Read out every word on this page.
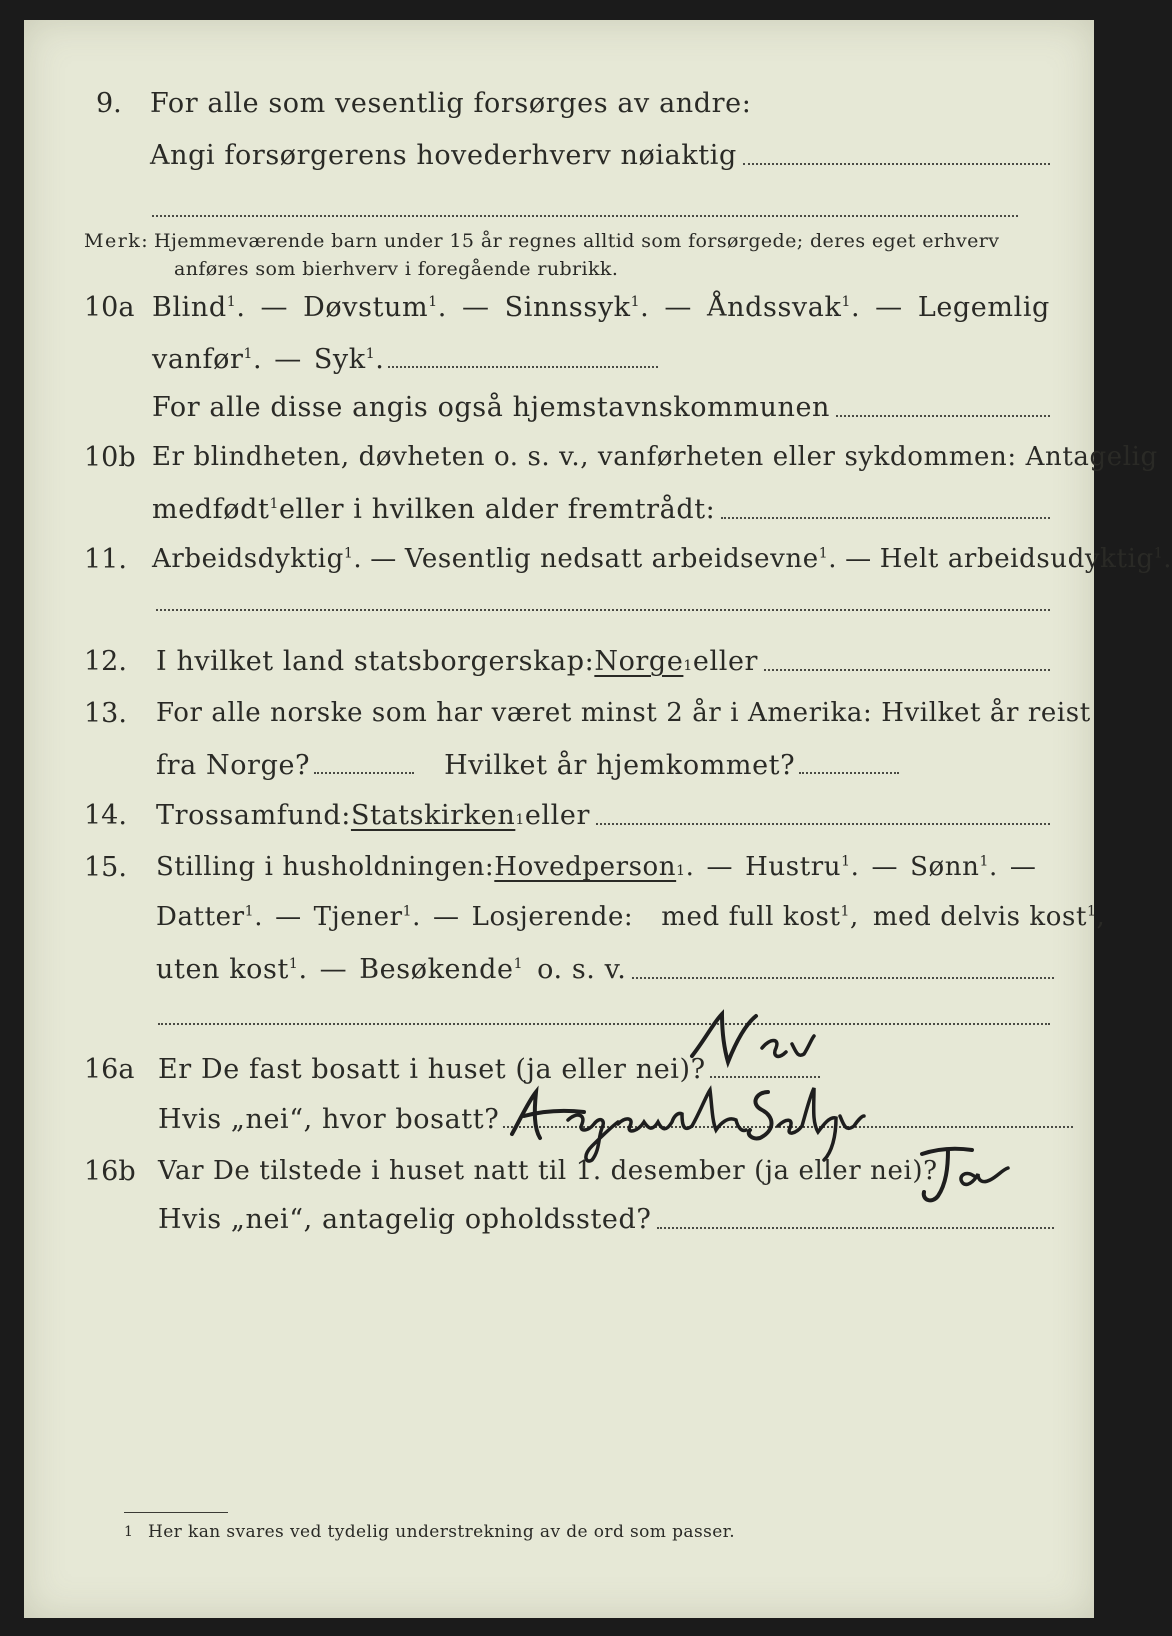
9. For alle som vesentlig forsørges av andre:
Angi forsørgerens hovederhverv nøiaktig
Merk: Hjemmeværende barn under 15 år regnes alltid som forsørgede; deres eget erhverv
anføres som bierhverv i foregående rubrikk.
10a Blind$^1$. — Døvstum$^1$. — Sinnssyk$^1$. — Åndssvak$^1$. — Legemlig
vanfør$^1$. — Syk$^1$.
For alle disse angis også hjemstavnskommunen
10b Er blindheten, døvheten o. s. v., vanførheten eller sykdommen: Antagelig
medfødt$^1$ eller i hvilken alder fremtrådt:
11. Arbeidsdyktig$^1$. — Vesentlig nedsatt arbeidsevne$^1$. — Helt arbeidsudyktig$^1$.
12. I hvilket land statsborgerskap: Norge 1 eller
13. For alle norske som har været minst 2 år i Amerika: Hvilket år reist
fra Norge?	Hvilket år hjemkommet?
14. Trossamfund: Statskirken 1 eller
15. Stilling i husholdningen: Hovedperson 1 . — Hustru$^1$. — Sønn$^1$. —
Datter$^1$. — Tjener$^1$. — Losjerende: med full kost$^1$, med delvis kost$^1$,
uten kost$^1$. — Besøkende$^1$ o. s. v.
16a Er De fast bosatt i huset (ja eller nei)?
Hvis „nei“, hvor bosatt?
16b Var De tilstede i huset natt til 1. desember (ja eller nei)?
Hvis „nei“, antagelig opholdssted?
1 Her kan svares ved tydelig understrekning av de ord som passer.
